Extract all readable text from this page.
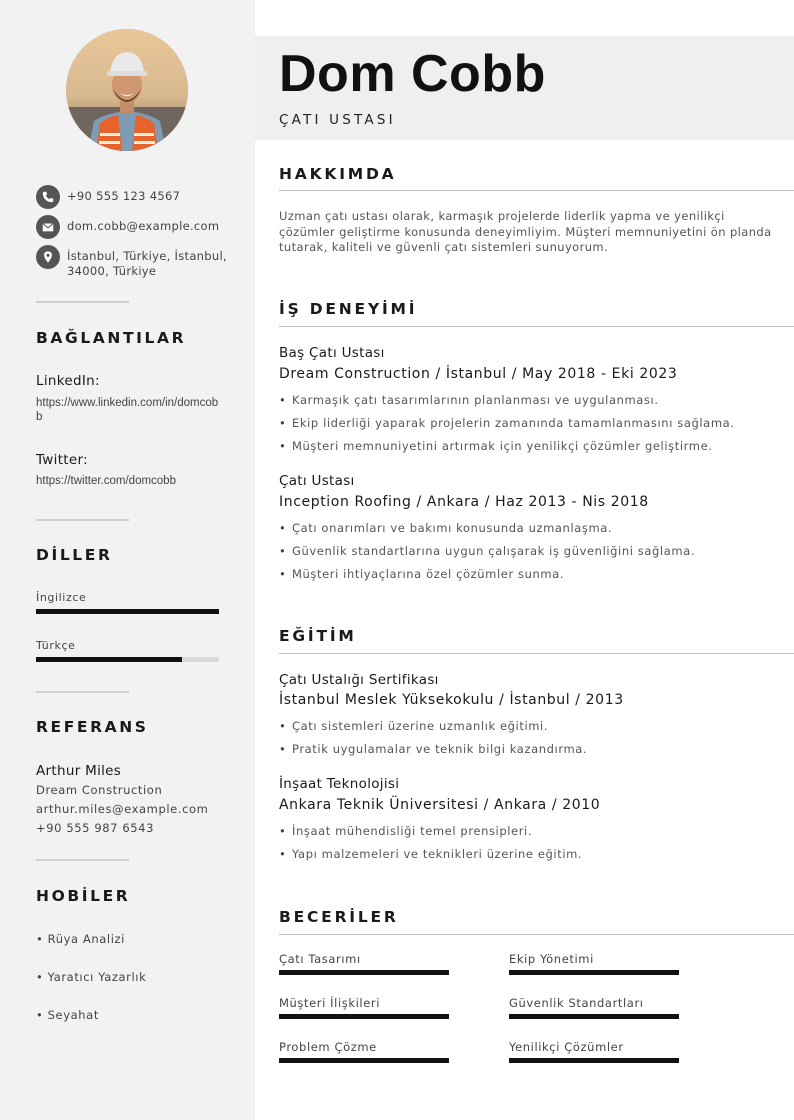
+90 555 123 4567
dom.cobb@example.com
İstanbul, Türkiye, İstanbul, 34000, Türkiye
BAĞLANTILAR
LinkedIn:
https://www.linkedin.com/in/domcobb
Twitter:
https://twitter.com/domcobb
DİLLER
İngilizce
Türkçe
REFERANS
Arthur Miles
Dream Construction
arthur.miles@example.com
+90 555 987 6543
HOBİLER
• Rüya Analizi
• Yaratıcı Yazarlık
• Seyahat
Dom Cobb
ÇATI USTASI
HAKKIMDA

Uzman çatı ustası olarak, karmaşık projelerde liderlik yapma ve yenilikçi çözümler geliştirme konusunda deneyimliyim. Müşteri memnuniyetini ön planda tutarak, kaliteli ve güvenli çatı sistemleri sunuyorum.

İŞ DENEYİMİ
Baş Çatı Ustası
Dream Construction / İstanbul / May 2018 - Eki 2023
• Karmaşık çatı tasarımlarının planlanması ve uygulanması.
• Ekip liderliği yaparak projelerin zamanında tamamlanmasını sağlama.
• Müşteri memnuniyetini artırmak için yenilikçi çözümler geliştirme.
Çatı Ustası
Inception Roofing / Ankara / Haz 2013 - Nis 2018
• Çatı onarımları ve bakımı konusunda uzmanlaşma.
• Güvenlik standartlarına uygun çalışarak iş güvenliğini sağlama.
• Müşteri ihtiyaçlarına özel çözümler sunma.
EĞİTİM
Çatı Ustalığı Sertifikası
İstanbul Meslek Yüksekokulu / İstanbul / 2013
• Çatı sistemleri üzerine uzmanlık eğitimi.
• Pratik uygulamalar ve teknik bilgi kazandırma.
İnşaat Teknolojisi
Ankara Teknik Üniversitesi / Ankara / 2010
• İnşaat mühendisliği temel prensipleri.
• Yapı malzemeleri ve teknikleri üzerine eğitim.
BECERİLER
Çatı Tasarımı	Ekip Yönetimi
Müşteri İlişkileri	Güvenlik Standartları
Problem Çözme	Yenilikçi Çözümler
